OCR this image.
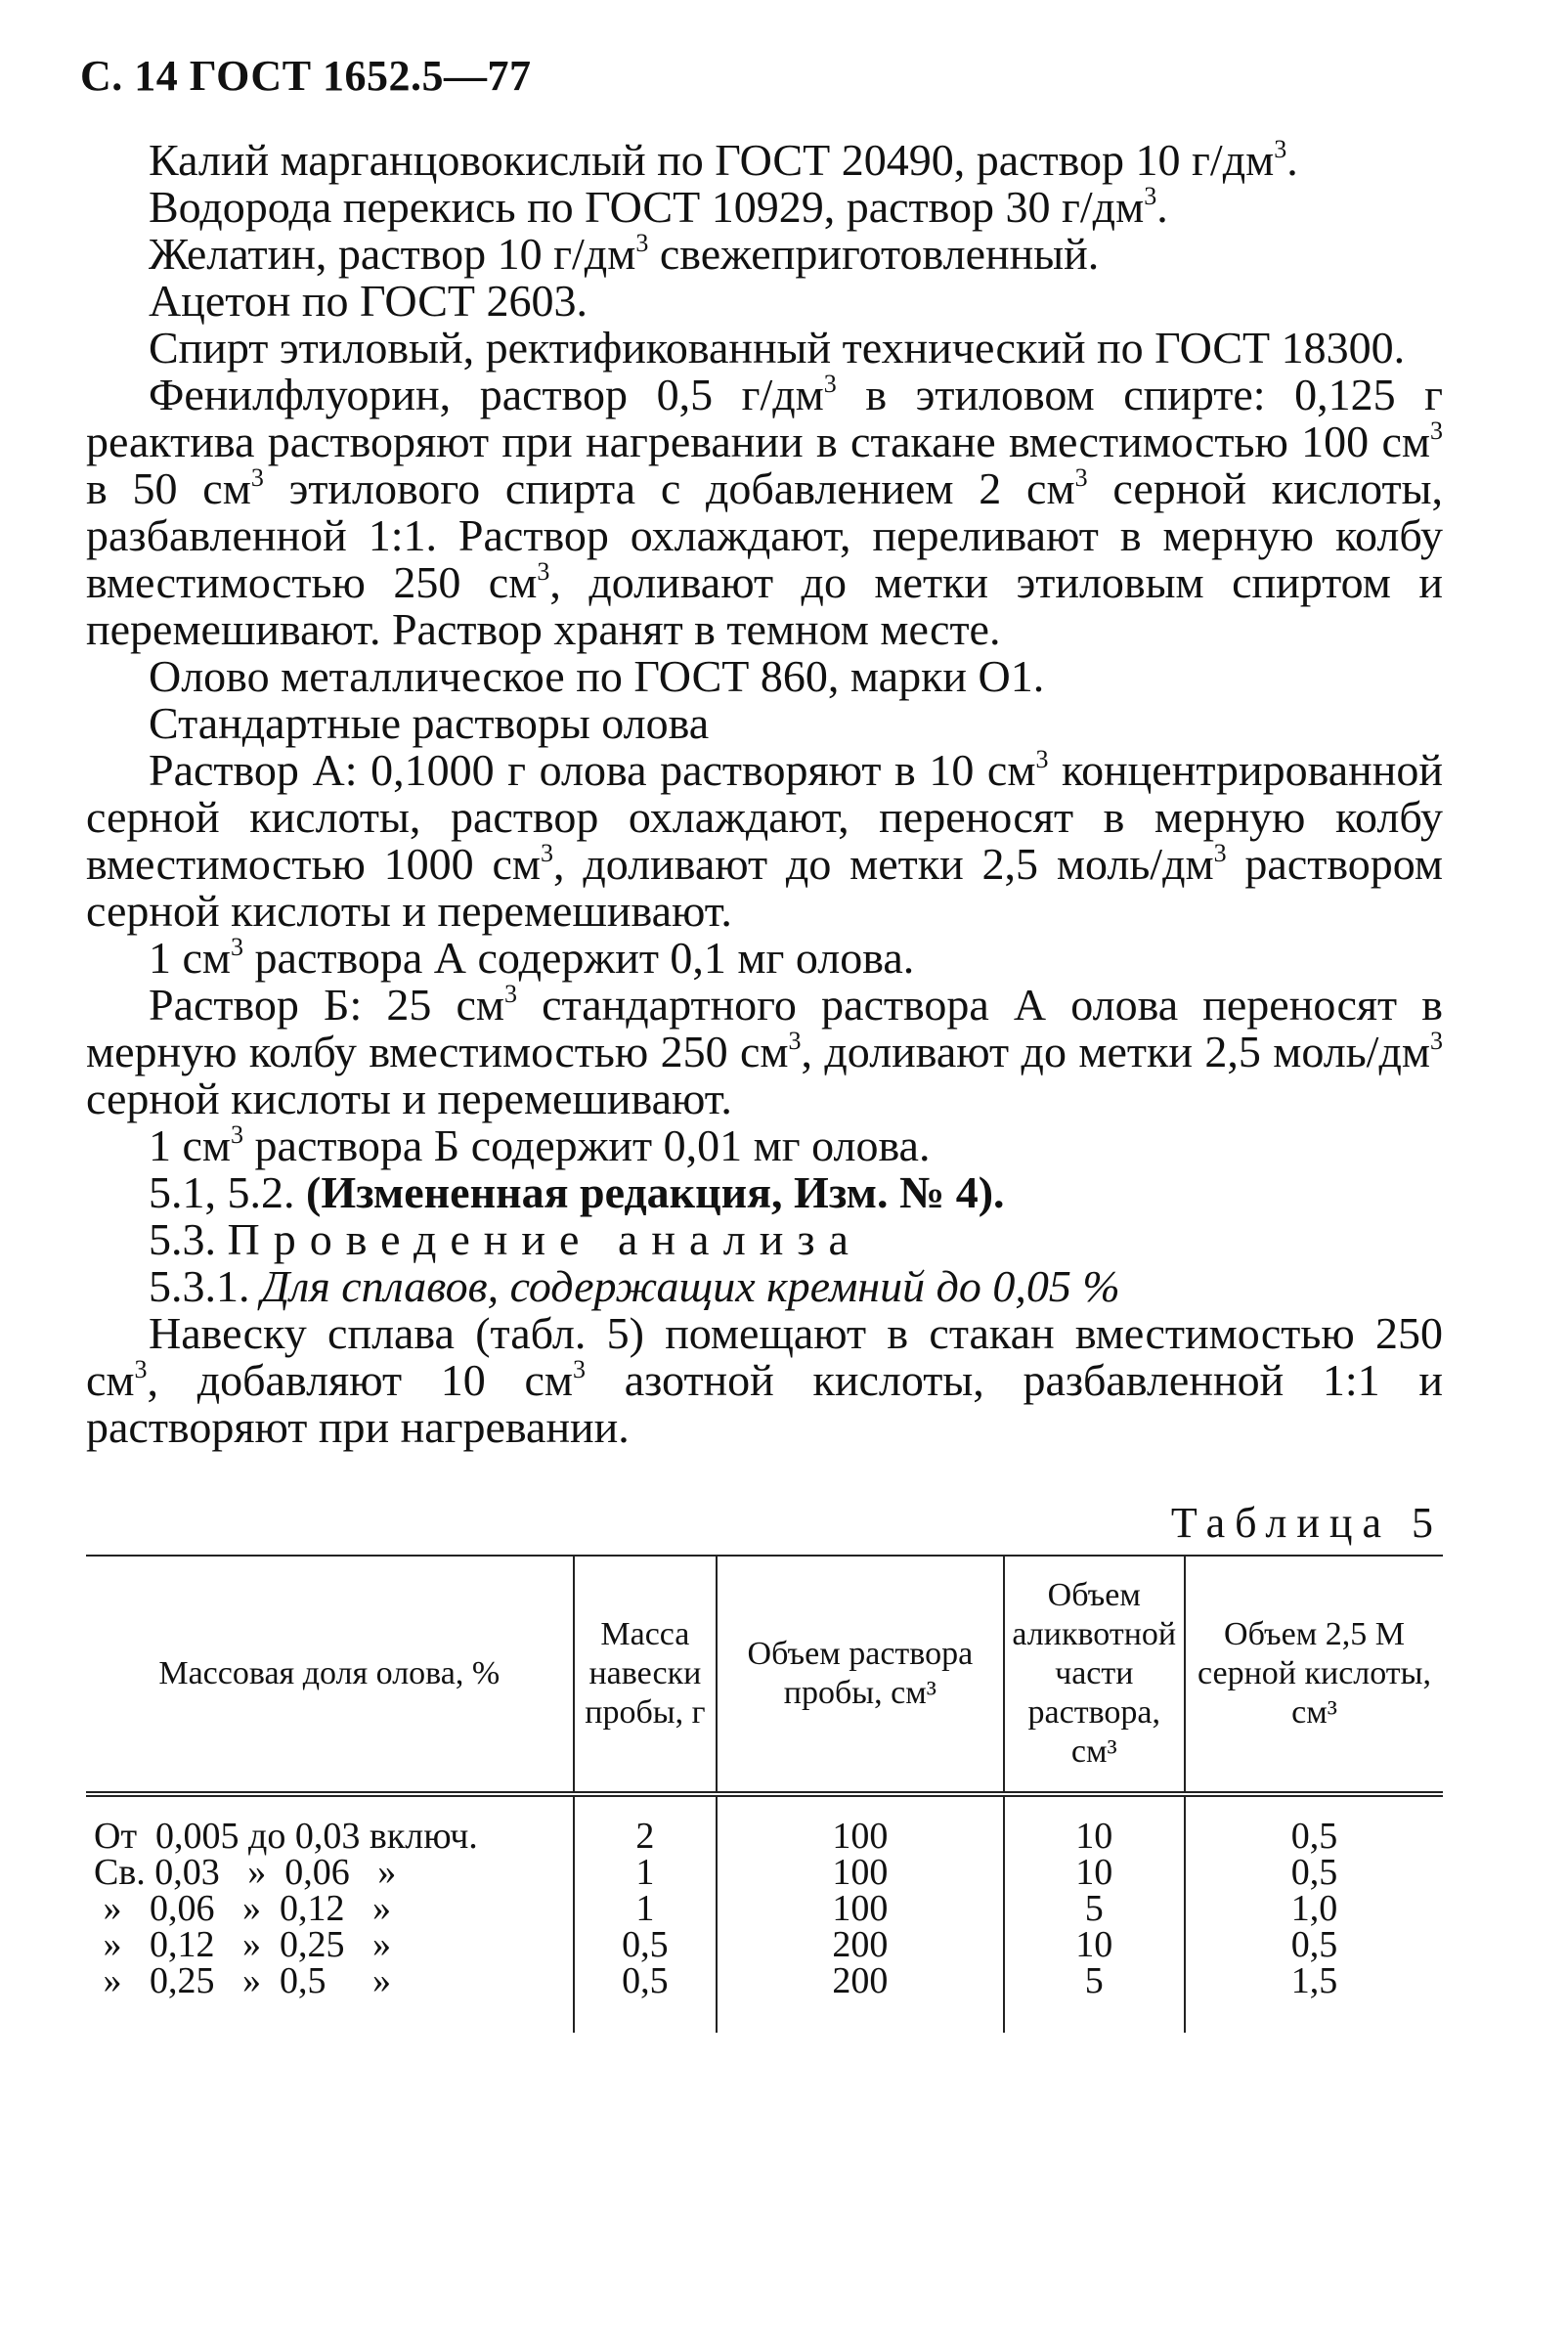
С. 14 ГОСТ 1652.5—77

Калий марганцовокислый по ГОСТ 20490, раствор 10 $г/дм^3$.

Водорода перекись по ГОСТ 10929, раствор 30 $г/дм^3$.

Желатин, раствор 10 $г/дм^3$ свежеприготовленный.

Ацетон по ГОСТ 2603.

Спирт этиловый, ректификованный технический по ГОСТ 18300.

Фенилфлуорин, раствор 0,5 $г/дм^3$ в этиловом спирте: 0,125 г реактива растворяют при нагревании в стакане вместимостью 100 $см^3$ в 50 $см^3$ этилового спирта с добавлением 2 $см^3$ серной кислоты, разбавленной 1:1. Раствор охлаждают, переливают в мерную колбу вместимостью 250 $см^3$, доливают до метки этиловым спиртом и перемешивают. Раствор хранят в темном месте.

Олово металлическое по ГОСТ 860, марки О1.

Стандартные растворы олова

Раствор А: 0,1000 г олова растворяют в 10 $см^3$ концентрированной серной кислоты, раствор охлаждают, переносят в мерную колбу вместимостью 1000 $см^3$, доливают до метки 2,5 моль/$дм^3$ раствором серной кислоты и перемешивают.

1 $см^3$ раствора А содержит 0,1 мг олова.

Раствор Б: 25 $см^3$ стандартного раствора А олова переносят в мерную колбу вместимостью 250 $см^3$, доливают до метки 2,5 моль/$дм^3$ серной кислоты и перемешивают.

1 $см^3$ раствора Б содержит 0,01 мг олова.

5.1, 5.2. (Измененная редакция, Изм. № 4).

5.3. Проведение анализа

5.3.1. Для сплавов, содержащих кремний до 0,05 %

Навеску сплава (табл. 5) помещают в стакан вместимостью 250 $см^3$, добавляют 10 $см^3$ азотной кислоты, разбавленной 1:1 и растворяют при нагревании.

Таблица 5
Массовая доля олова, %	Масса навески пробы, г	Объем раствора пробы, см³	Объем аликвотной части раствора, см³	Объем 2,5 М серной кислоты, см³
От  0,005 до 0,03 включ.	2	100	10	0,5
Св. 0,03   »  0,06   »	1	100	10	0,5
»   0,06   »  0,12   »	1	100	5	1,0
»   0,12   »  0,25   »	0,5	200	10	0,5
»   0,25   »  0,5     »	0,5	200	5	1,5
